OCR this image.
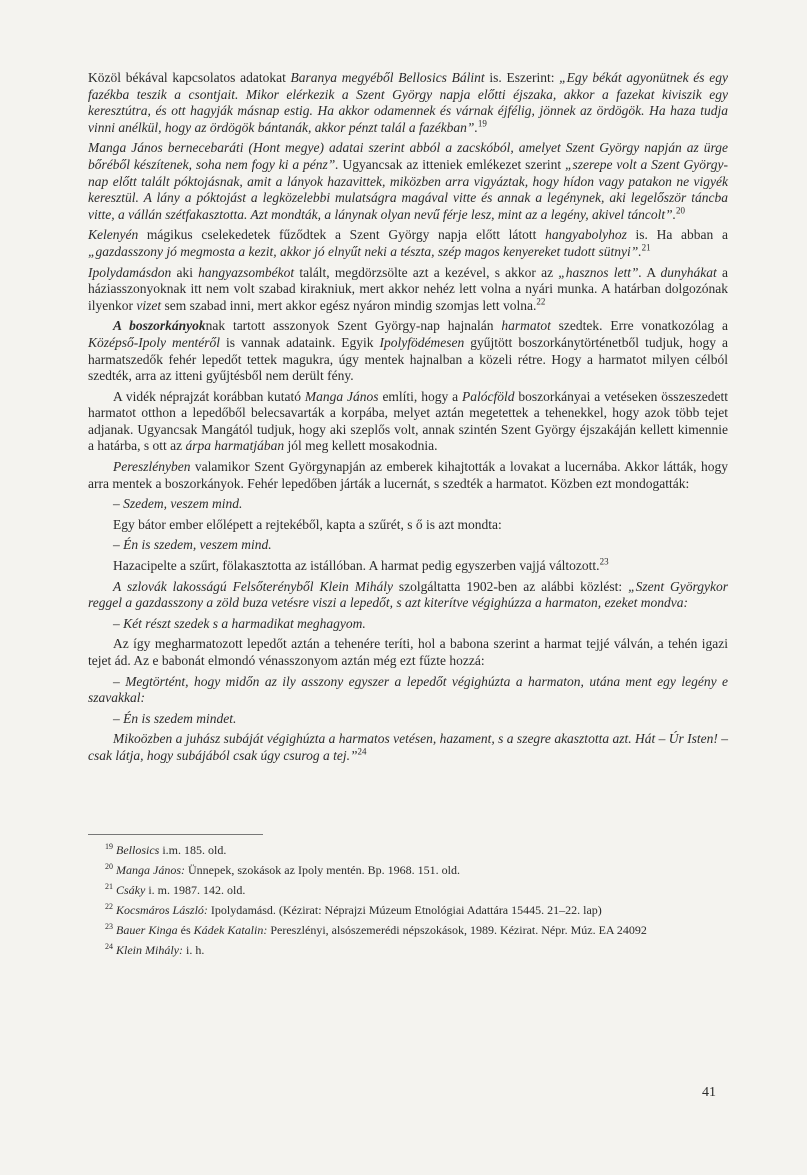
Közöl békával kapcsolatos adatokat Baranya megyéből Bellosics Bálint is. Eszerint: „Egy békát agyonütnek és egy fazékba teszik a csontjait. Mikor elérkezik a Szent György napja előtti éjszaka, akkor a fazekat kiviszik egy keresztútra, és ott hagyják másnap estig. Ha akkor odamennek és várnak éjfélig, jönnek az ördögök. Ha haza tudja vinni anélkül, hogy az ördögök bántanák, akkor pénzt talál a fazékban”.$^{19}$

Manga János bernecebaráti (Hont megye) adatai szerint abból a zacskóból, amelyet Szent György napján az ürge bőréből készítenek, soha nem fogy ki a pénz”. Ugyancsak az itteniek emlékezet szerint „szerepe volt a Szent György-nap előtt talált póktojásnak, amit a lányok hazavittek, miközben arra vigyáztak, hogy hídon vagy patakon ne vigyék keresztül. A lány a póktojást a legközelebbi mulatságra magával vitte és annak a legénynek, aki legelőször táncba vitte, a vállán szétfakasztotta. Azt mondták, a lánynak olyan nevű férje lesz, mint az a legény, akivel táncolt”.$^{20}$

Kelenyén mágikus cselekedetek fűződtek a Szent György napja előtt látott hangyabolyhoz is. Ha abban a „gazdasszony jó megmosta a kezit, akkor jó elnyűt neki a tészta, szép magos kenyereket tudott sütnyi”.$^{21}$

Ipolydamásdon aki hangyazsombékot talált, megdörzsölte azt a kezével, s akkor az „hasznos lett”. A dunyhákat a háziasszonyoknak itt nem volt szabad kirakniuk, mert akkor nehéz lett volna a nyári munka. A határban dolgozónak ilyenkor vizet sem szabad inni, mert akkor egész nyáron mindig szomjas lett volna.$^{22}$

A boszorkányoknak tartott asszonyok Szent György-nap hajnalán harmatot szedtek. Erre vonatkozólag a Középső-Ipoly mentéről is vannak adataink. Egyik Ipolyfödémesen gyűjtött boszorkánytörténetből tudjuk, hogy a harmatszedők fehér lepedőt tettek magukra, úgy mentek hajnalban a közeli rétre. Hogy a harmatot milyen célból szedték, arra az itteni gyűjtésből nem derült fény.

A vidék néprajzát korábban kutató Manga János említi, hogy a Palócföld boszorkányai a vetéseken összeszedett harmatot otthon a lepedőből belecsavarták a korpába, melyet aztán megetettek a tehenekkel, hogy azok több tejet adjanak. Ugyancsak Mangától tudjuk, hogy aki szeplős volt, annak szintén Szent György éjszakáján kellett kimennie a határba, s ott az árpa harmatjában jól meg kellett mosakodnia.

Pereszlényben valamikor Szent Györgynapján az emberek kihajtották a lovakat a lucernába. Akkor látták, hogy arra mentek a boszorkányok. Fehér lepedőben járták a lucernát, s szedték a harmatot. Közben ezt mondogatták:

– Szedem, veszem mind.

Egy bátor ember előlépett a rejtekéből, kapta a szűrét, s ő is azt mondta:

– Én is szedem, veszem mind.

Hazacipelte a szűrt, fölakasztotta az istállóban. A harmat pedig egyszerben vajjá változott.$^{23}$

A szlovák lakosságú Felsőterényből Klein Mihály szolgáltatta 1902-ben az alábbi közlést: „Szent Györgykor reggel a gazdasszony a zöld buza vetésre viszi a lepedőt, s azt kiterítve végighúzza a harmaton, ezeket mondva:

– Két részt szedek s a harmadikat meghagyom.

Az így megharmatozott lepedőt aztán a tehenére teríti, hol a babona szerint a harmat tejjé válván, a tehén igazi tejet ád. Az e babonát elmondó vénasszonyom aztán még ezt fűzte hozzá:

– Megtörtént, hogy midőn az ily asszony egyszer a lepedőt végighúzta a harmaton, utána ment egy legény e szavakkal:

– Én is szedem mindet.

Mikoözben a juhász subáját végighúzta a harmatos vetésen, hazament, s a szegre akasztotta azt. Hát – Úr Isten! – csak látja, hogy subájából csak úgy csurog a tej.”$^{24}$

$^{19}$ Bellosics i.m. 185. old.
$^{20}$ Manga János: Ünnepek, szokások az Ipoly mentén. Bp. 1968. 151. old.
$^{21}$ Csáky i. m. 1987. 142. old.
$^{22}$ Kocsmáros László: Ipolydamásd. (Kézirat: Néprajzi Múzeum Etnológiai Adattára 15445. 21–22. lap)
$^{23}$ Bauer Kinga és Kádek Katalin: Pereszlényi, alsószemerédi népszokások, 1989. Kézirat. Népr. Múz. EA 24092
$^{24}$ Klein Mihály: i. h.
41
